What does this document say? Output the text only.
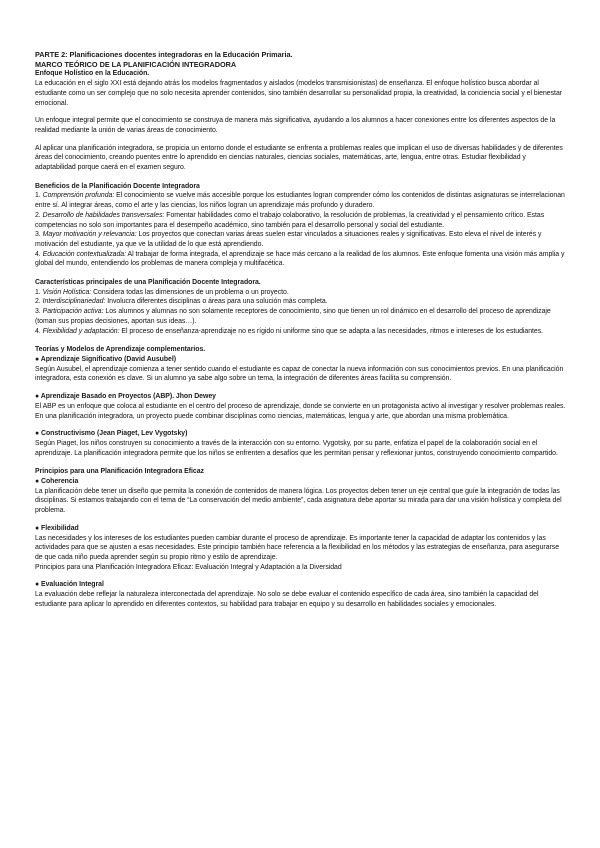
PARTE 2: Planificaciones docentes integradoras en la Educación Primaria.

MARCO TEÓRICO DE LA PLANIFICACIÓN INTEGRADORA

Enfoque Holístico en la Educación.

La educación en el siglo XXI está dejando atrás los modelos fragmentados y aislados (modelos transmisionistas) de enseñanza. El enfoque holístico busca abordar al estudiante como un ser complejo que no solo necesita aprender contenidos, sino también desarrollar su personalidad propia, la creatividad, la conciencia social y el bienestar emocional.

Un enfoque integral permite que el conocimiento se construya de manera más significativa, ayudando a los alumnos a hacer conexiones entre los diferentes aspectos de la realidad mediante la unión de varias áreas de conocimiento.

Al aplicar una planificación integradora, se propicia un entorno donde el estudiante se enfrenta a problemas reales que implican el uso de diversas habilidades y de diferentes áreas del conocimiento, creando puentes entre lo aprendido en ciencias naturales, ciencias sociales, matemáticas, arte, lengua, entre otras. Estudiar flexibilidad y adaptabilidad porque caerá en el examen seguro.

Beneficios de la Planificación Docente Integradora

1. Comprensión profunda: El conocimiento se vuelve más accesible porque los estudiantes logran comprender cómo los contenidos de distintas asignaturas se interrelacionan entre sí. Al integrar áreas, como el arte y las ciencias, los niños logran un aprendizaje más profundo y duradero.

2. Desarrollo de habilidades transversales: Fomentar habilidades como el trabajo colaborativo, la resolución de problemas, la creatividad y el pensamiento crítico. Estas competencias no solo son importantes para el desempeño académico, sino también para el desarrollo personal y social del estudiante.

3. Mayor motivación y relevancia: Los proyectos que conectan varias áreas suelen estar vinculados a situaciones reales y significativas. Esto eleva el nivel de interés y motivación del estudiante, ya que ve la utilidad de lo que está aprendiendo.

4. Educación contextualizada: Al trabajar de forma integrada, el aprendizaje se hace más cercano a la realidad de los alumnos. Este enfoque fomenta una visión más amplia y global del mundo, entendiendo los problemas de manera compleja y multifacética.

Características principales de una Planificación Docente Integradora.

1. Visión Holística: Considera todas las dimensiones de un problema o un proyecto.

2. Interdisciplinariedad: Involucra diferentes disciplinas o áreas para una solución más completa.

3. Participación activa: Los alumnos y alumnas no son solamente receptores de conocimiento, sino que tienen un rol dinámico en el desarrollo del proceso de aprendizaje (toman sus propias decisiones, aportan sus ideas…).

4. Flexibilidad y adaptación: El proceso de enseñanza-aprendizaje no es rígido ni uniforme sino que se adapta a las necesidades, ritmos e intereses de los estudiantes.

Teorías y Modelos de Aprendizaje complementarios.

● Aprendizaje Significativo (David Ausubel)

Según Ausubel, el aprendizaje comienza a tener sentido cuando el estudiante es capaz de conectar la nueva información con sus conocimientos previos. En una planificación integradora, esta conexión es clave. Si un alumno ya sabe algo sobre un tema, la integración de diferentes áreas facilita su comprensión.

● Aprendizaje Basado en Proyectos (ABP). Jhon Dewey

El ABP es un enfoque que coloca al estudiante en el centro del proceso de aprendizaje, donde se convierte en un protagonista activo al investigar y resolver problemas reales. En una planificación integradora, un proyecto puede combinar disciplinas como ciencias, matemáticas, lengua y arte, que abordan una misma problemática.

● Constructivismo (Jean Piaget, Lev Vygotsky)

Según Piaget, los niños construyen su conocimiento a través de la interacción con su entorno. Vygotsky, por su parte, enfatiza el papel de la colaboración social en el aprendizaje. La planificación integradora permite que los niños se enfrenten a desafíos que les permitan pensar y reflexionar juntos, construyendo conocimiento compartido.

Principios para una Planificación Integradora Eficaz

● Coherencia

La planificación debe tener un diseño que permita la conexión de contenidos de manera lógica. Los proyectos deben tener un eje central que guíe la integración de todas las disciplinas. Si estamos trabajando con el tema de “La conservación del medio ambiente”, cada asignatura debe aportar su mirada para dar una visión holística y completa del problema.

● Flexibilidad

Las necesidades y los intereses de los estudiantes pueden cambiar durante el proceso de aprendizaje. Es importante tener la capacidad de adaptar los contenidos y las actividades para que se ajusten a esas necesidades. Este principio también hace referencia a la flexibilidad en los métodos y las estrategias de enseñanza, para asegurarse de que cada niño pueda aprender según su propio ritmo y estilo de aprendizaje.

Principios para una Planificación Integradora Eficaz: Evaluación Integral y Adaptación a la Diversidad

● Evaluación Integral

La evaluación debe reflejar la naturaleza interconectada del aprendizaje. No solo se debe evaluar el contenido específico de cada área, sino también la capacidad del estudiante para aplicar lo aprendido en diferentes contextos, su habilidad para trabajar en equipo y su desarrollo en habilidades sociales y emocionales.
